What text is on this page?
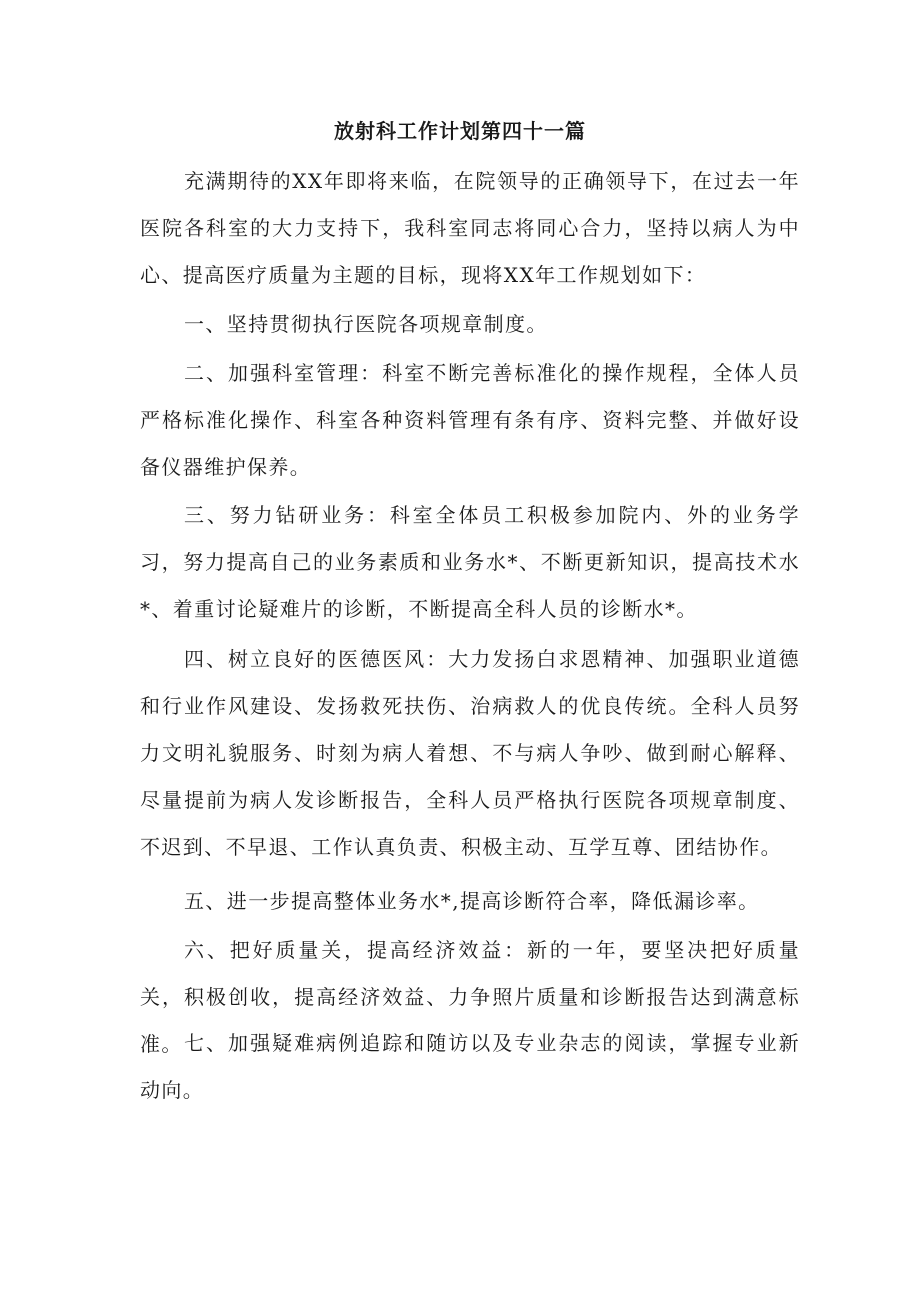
放射科工作计划第四十一篇

充满期待的XX年即将来临，在院领导的正确领导下，在过去一年医院各科室的大力支持下，我科室同志将同心合力，坚持以病人为中心、提高医疗质量为主题的目标，现将XX年工作规划如下：

一、坚持贯彻执行医院各项规章制度。

二、加强科室管理：科室不断完善标准化的操作规程，全体人员严格标准化操作、科室各种资料管理有条有序、资料完整、并做好设备仪器维护保养。

三、努力钻研业务：科室全体员工积极参加院内、外的业务学习，努力提高自己的业务素质和业务水*、不断更新知识，提高技术水*、着重讨论疑难片的诊断，不断提高全科人员的诊断水*。

四、树立良好的医德医风：大力发扬白求恩精神、加强职业道德和行业作风建设、发扬救死扶伤、治病救人的优良传统。全科人员努力文明礼貌服务、时刻为病人着想、不与病人争吵、做到耐心解释、尽量提前为病人发诊断报告，全科人员严格执行医院各项规章制度、不迟到、不早退、工作认真负责、积极主动、互学互尊、团结协作。

五、进一步提高整体业务水*,提高诊断符合率，降低漏诊率。

六、把好质量关，提高经济效益：新的一年，要坚决把好质量关，积极创收，提高经济效益、力争照片质量和诊断报告达到满意标准。 七、加强疑难病例追踪和随访以及专业杂志的阅读，掌握专业新动向。
